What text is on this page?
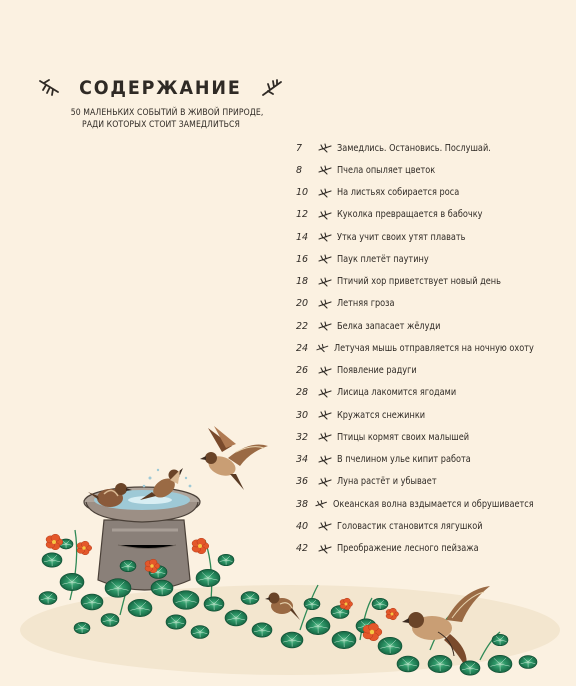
СОДЕРЖАНИЕ
50 МАЛЕНЬКИХ СОБЫТИЙ В ЖИВОЙ ПРИРОДЕ,
РАДИ КОТОРЫХ СТОИТ ЗАМЕДЛИТЬСЯ
7	Замедлись. Остановись. Послушай.
8	Пчела опыляет цветок
10	На листьях собирается роса
12	Куколка превращается в бабочку
14	Утка учит своих утят плавать
16	Паук плетёт паутину
18	Птичий хор приветствует новый день
20	Летняя гроза
22	Белка запасает жёлуди
24	Летучая мышь отправляется на ночную охоту
26	Появление радуги
28	Лисица лакомится ягодами
30	Кружатся снежинки
32	Птицы кормят своих малышей
34	В пчелином улье кипит работа
36	Луна растёт и убывает
38	Океанская волна вздымается и обрушивается
40	Головастик становится лягушкой
42	Преображение лесного пейзажа
